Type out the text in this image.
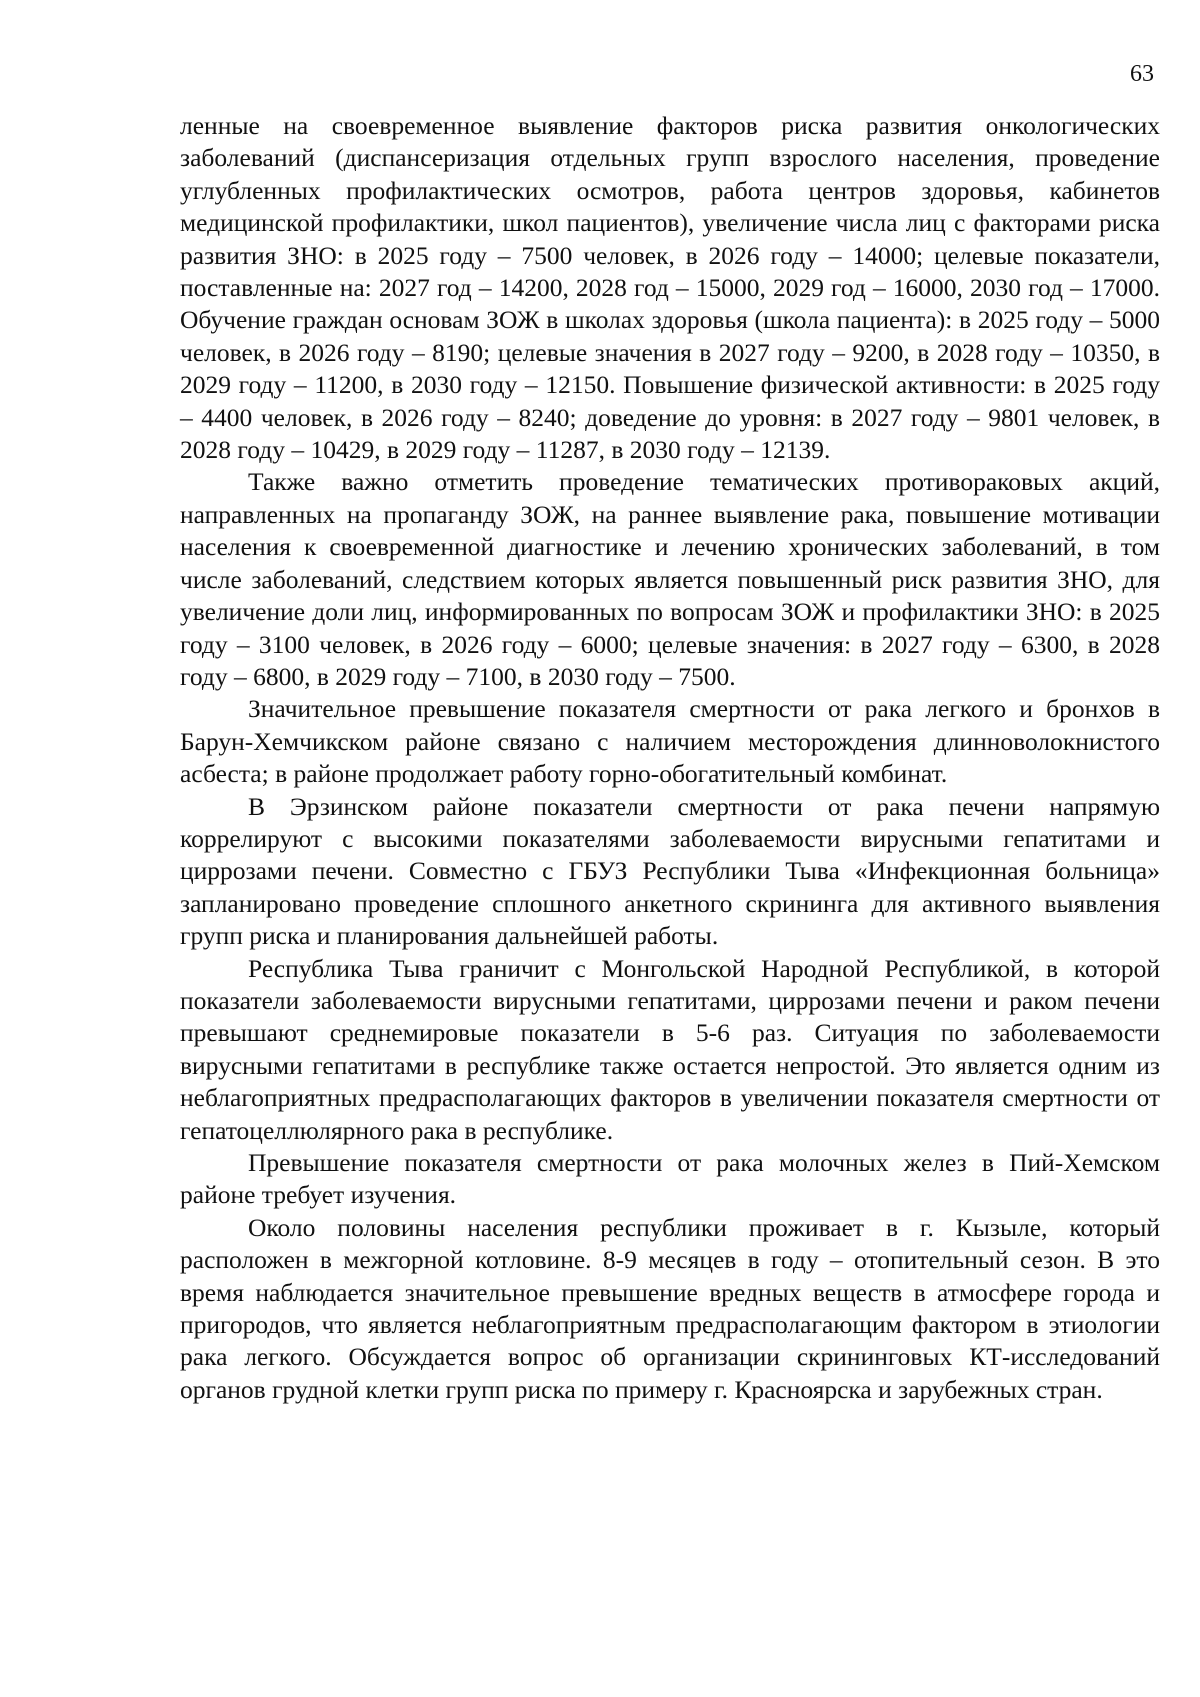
63

ленные на своевременное выявление факторов риска развития онкологических заболеваний (диспансеризация отдельных групп взрослого населения, проведение углубленных профилактических осмотров, работа центров здоровья, кабинетов медицинской профилактики, школ пациентов), увеличение числа лиц с факторами риска развития ЗНО: в 2025 году – 7500 человек, в 2026 году – 14000; целевые показатели, поставленные на: 2027 год – 14200, 2028 год – 15000, 2029 год – 16000, 2030 год – 17000. Обучение граждан основам ЗОЖ в школах здоровья (школа пациента): в 2025 году – 5000 человек, в 2026 году – 8190; целевые значения в 2027 году – 9200, в 2028 году – 10350, в 2029 году – 11200, в 2030 году – 12150. Повышение физической активности: в 2025 году – 4400 человек, в 2026 году – 8240; доведение до уровня: в 2027 году – 9801 человек, в 2028 году – 10429, в 2029 году – 11287, в 2030 году – 12139.

Также важно отметить проведение тематических противораковых акций, направленных на пропаганду ЗОЖ, на раннее выявление рака, повышение мотивации населения к своевременной диагностике и лечению хронических заболеваний, в том числе заболеваний, следствием которых является повышенный риск развития ЗНО, для увеличение доли лиц, информированных по вопросам ЗОЖ и профилактики ЗНО: в 2025 году – 3100 человек, в 2026 году – 6000; целевые значения: в 2027 году – 6300, в 2028 году – 6800, в 2029 году – 7100, в 2030 году – 7500.

Значительное превышение показателя смертности от рака легкого и бронхов в Барун-Хемчикском районе связано с наличием месторождения длинноволокнистого асбеста; в районе продолжает работу горно-обогатительный комбинат.

В Эрзинском районе показатели смертности от рака печени напрямую коррелируют с высокими показателями заболеваемости вирусными гепатитами и циррозами печени. Совместно с ГБУЗ Республики Тыва «Инфекционная больница» запланировано проведение сплошного анкетного скрининга для активного выявления групп риска и планирования дальнейшей работы.

Республика Тыва граничит с Монгольской Народной Республикой, в которой показатели заболеваемости вирусными гепатитами, циррозами печени и раком печени превышают среднемировые показатели в 5-6 раз. Ситуация по заболеваемости вирусными гепатитами в республике также остается непростой. Это является одним из неблагоприятных предрасполагающих факторов в увеличении показателя смертности от гепатоцеллюлярного рака в республике.

Превышение показателя смертности от рака молочных желез в Пий-Хемском районе требует изучения.

Около половины населения республики проживает в г. Кызыле, который расположен в межгорной котловине. 8-9 месяцев в году – отопительный сезон. В это время наблюдается значительное превышение вредных веществ в атмосфере города и пригородов, что является неблагоприятным предрасполагающим фактором в этиологии рака легкого. Обсуждается вопрос об организации скрининговых КТ-исследований органов грудной клетки групп риска по примеру г. Красноярска и зарубежных стран.
